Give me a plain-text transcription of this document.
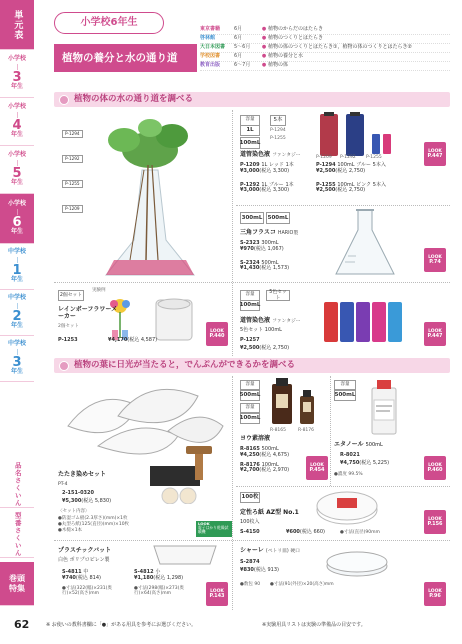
単元表
小学校
3
年生
小学校
4
年生
小学校
5
年生
小学校
6
年生
中学校
1
年生
中学校
2
年生
中学校
3
年生
品名さくいん
型番さくいん
巻頭特集
小学校6年生
植物の養分と水の通り道
東京書籍	6月	● 植物のからだのはたらき
啓林館	6月	● 植物のつくりとはたらき
大日本図書	5〜6月	● 植物の体のつくりとはたらき①，植物の体のつくりとはたらき②
学校図書	6月	● 植物の養分と水
教育出版	6〜7月	● 植物の体
植物の体の水の通り道を調べる
P-1294
P-1292
P-1255
P-1209
P-1209 P-1292 P-1255
容量
1L
5本
100mL
P-1294
P-1255
道管染色液 ファンタジー
P-1209 1L レッド 1本
¥3,000(税込 3,300)
P-1292 1L ブルー 1本
¥3,000(税込 3,300)
P-1294 100mL ブルー 5本入
¥2,500(税込 2,750)
P-1255 100mL ピンク 5本入
¥2,500(税込 2,750)
LOOK
P.447
300mL 500mL
三角フラスコ HARIO製
S-2323 300mL
¥970(税込 1,067)
S-2324 500mL
¥1,430(税込 1,573)
LOOK
P.74
2個セット
実験例
レインボーフラワーメーカー
2個セット
P-1253	¥4,170(税込 4,587)
LOOK
P.440
容量
100mL
5色セット
道管染色液 ファンタジー
5色セット 100mL
P-1257
¥2,500(税込 2,750)
LOOK
P.447
植物の葉に日光が当たると，でんぷんができるかを調べる
たたき染めセット
PT-4
2-151-0320
¥5,300(税込 5,830)
〈セット内容〉
●防湿ゴム板(2.3厚さ)(mm)×1枚
●丸型ろ紙(125(直径)(mm)×10枚
●木槌×1本
LOOK
電子はかり乾燥試験機
容量
500mL
容量
100mL
R-8165	R-8176
ヨウ素溶液
R-8165 500mL
¥4,250(税込 4,675)
R-8176 100mL
¥2,700(税込 2,970)
LOOK
P.454
容量
500mL
エタノール 500mL
R-8021
¥4,750(税込 5,225)
●濃度 99.5%
LOOK
P.460
100枚
定性ろ紙 AZ型 No.1
100枚入
S-4150	¥600(税込 660)	●寸法(直径)90mm
LOOK
P.156
プラスチックバット
白色 ポリプロピレン製
S-4811 中
¥740(税込 814)
●寸法(322(幅)×231(奥行)×52(高さ)mm
S-4812 小
¥1,180(税込 1,298)
●寸法(298(幅)×273(奥行)×64(高さ)mm	LOOK
P.143
シャーレ (ペトリ皿) 硬口
S-2874
¥830(税込 913)
●数包 90 ●寸法(91(外径)×20(高さ)mm
LOOK
P.96
62	※ お使いの教科書欄に「●」がある用具を参考にお選びください。	※実験用具リストは実験の準備品の目安です。
